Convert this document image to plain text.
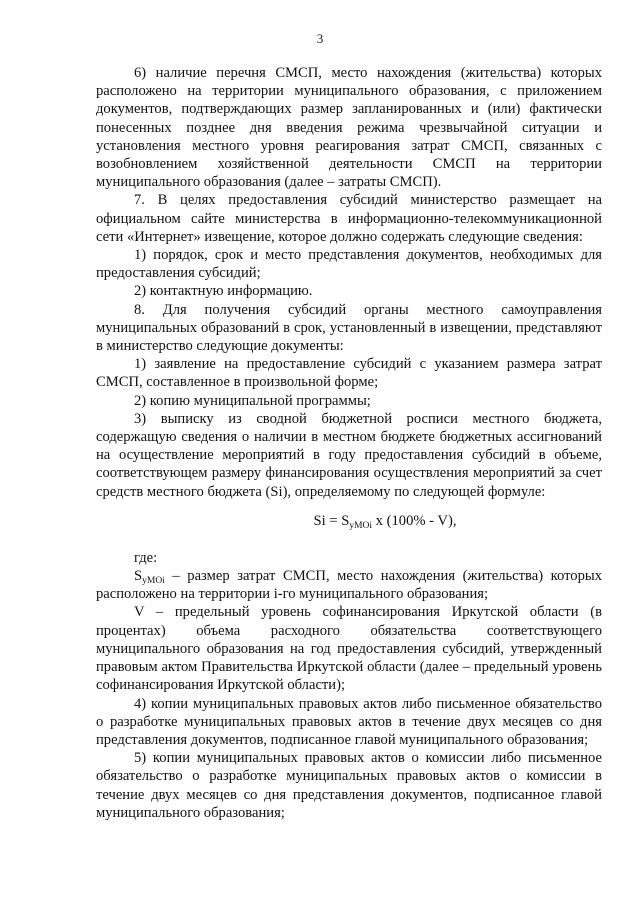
3

6) наличие перечня СМСП, место нахождения (жительства) которых расположено на территории муниципального образования, с приложением документов, подтверждающих размер запланированных и (или) фактически понесенных позднее дня введения режима чрезвычайной ситуации и установления местного уровня реагирования затрат СМСП, связанных с возобновлением хозяйственной деятельности СМСП на территории муниципального образования (далее – затраты СМСП).

7. В целях предоставления субсидий министерство размещает на официальном сайте министерства в информационно-телекоммуникационной сети «Интернет» извещение, которое должно содержать следующие сведения:

1) порядок, срок и место представления документов, необходимых для предоставления субсидий;

2) контактную информацию.

8. Для получения субсидий органы местного самоуправления муниципальных образований в срок, установленный в извещении, представляют в министерство следующие документы:

1) заявление на предоставление субсидий с указанием размера затрат СМСП, составленное в произвольной форме;

2) копию муниципальной программы;

3) выписку из сводной бюджетной росписи местного бюджета, содержащую сведения о наличии в местном бюджете бюджетных ассигнований на осуществление мероприятий в году предоставления субсидий в объеме, соответствующем размеру финансирования осуществления мероприятий за счет средств местного бюджета (Si), определяемому по следующей формуле:

$Si = S_{уМОi}$ x (100% - V),

где:

$S_{уМОi}$ – размер затрат СМСП, место нахождения (жительства) которых расположено на территории i-го муниципального образования;

V – предельный уровень софинансирования Иркутской области (в процентах) объема расходного обязательства соответствующего муниципального образования на год предоставления субсидий, утвержденный правовым актом Правительства Иркутской области (далее – предельный уровень софинансирования Иркутской области);

4) копии муниципальных правовых актов либо письменное обязательство о разработке муниципальных правовых актов в течение двух месяцев со дня представления документов, подписанное главой муниципального образования;

5) копии муниципальных правовых актов о комиссии либо письменное обязательство о разработке муниципальных правовых актов о комиссии в течение двух месяцев со дня представления документов, подписанное главой муниципального образования;
